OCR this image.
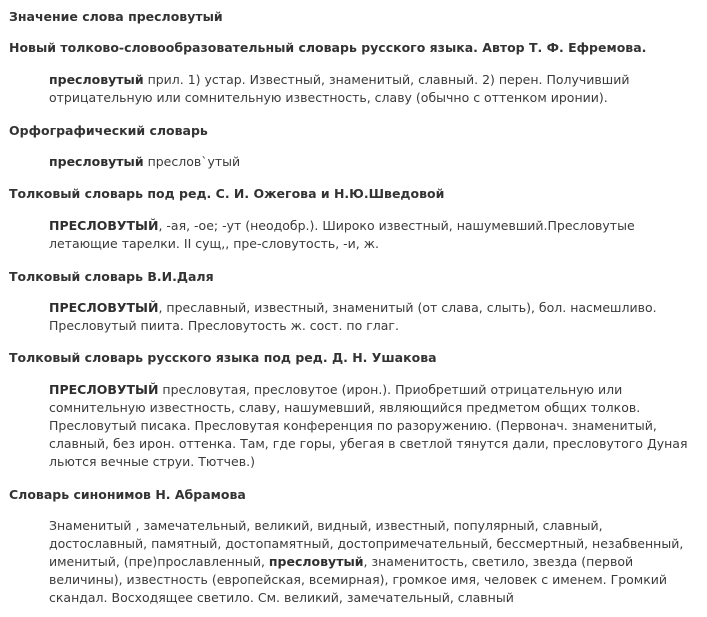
Значение слова пресловутый
Новый толково-словообразовательный словарь русского языка. Автор Т. Ф. Ефремова.
пресловутый прил. 1) устар. Известный, знаменитый, славный. 2) перен. Получивший
отрицательную или сомнительную известность, славу (обычно с оттенком иронии).
Орфографический словарь
пресловутый преслов`утый
Толковый словарь под ред. С. И. Ожегова и Н.Ю.Шведовой
ПРЕСЛОВУТЫЙ, -ая, -ое; -ут (неодобр.). Широко известный, нашумевший.Пресловутые
летающие тарелки. II сущ,, пре-словутость, -и, ж.
Толковый словарь В.И.Даля
ПРЕСЛОВУТЫЙ, преславный, известный, знаменитый (от слава, слыть), бол. насмешливо.
Пресловутый пиита. Пресловутость ж. сост. по глаг.
Толковый словарь русского языка под ред. Д. Н. Ушакова
ПРЕСЛОВУТЫЙ пресловутая, пресловутое (ирон.). Приобретший отрицательную или
сомнительную известность, славу, нашумевший, являющийся предметом общих толков.
Пресловутый писака. Пресловутая конференция по разоружению. (Первонач. знаменитый,
славный, без ирон. оттенка. Там, где горы, убегая в светлой тянутся дали, пресловутого Дуная
льются вечные струи. Тютчев.)
Словарь синонимов Н. Абрамова
Знаменитый , замечательный, великий, видный, известный, популярный, славный,
достославный, памятный, достопамятный, достопримечательный, бессмертный, незабвенный,
именитый, (пре)прославленный, пресловутый, знаменитость, светило, звезда (первой
величины), известность (европейская, всемирная), громкое имя, человек с именем. Громкий
скандал. Восходящее светило. См. великий, замечательный, славный
